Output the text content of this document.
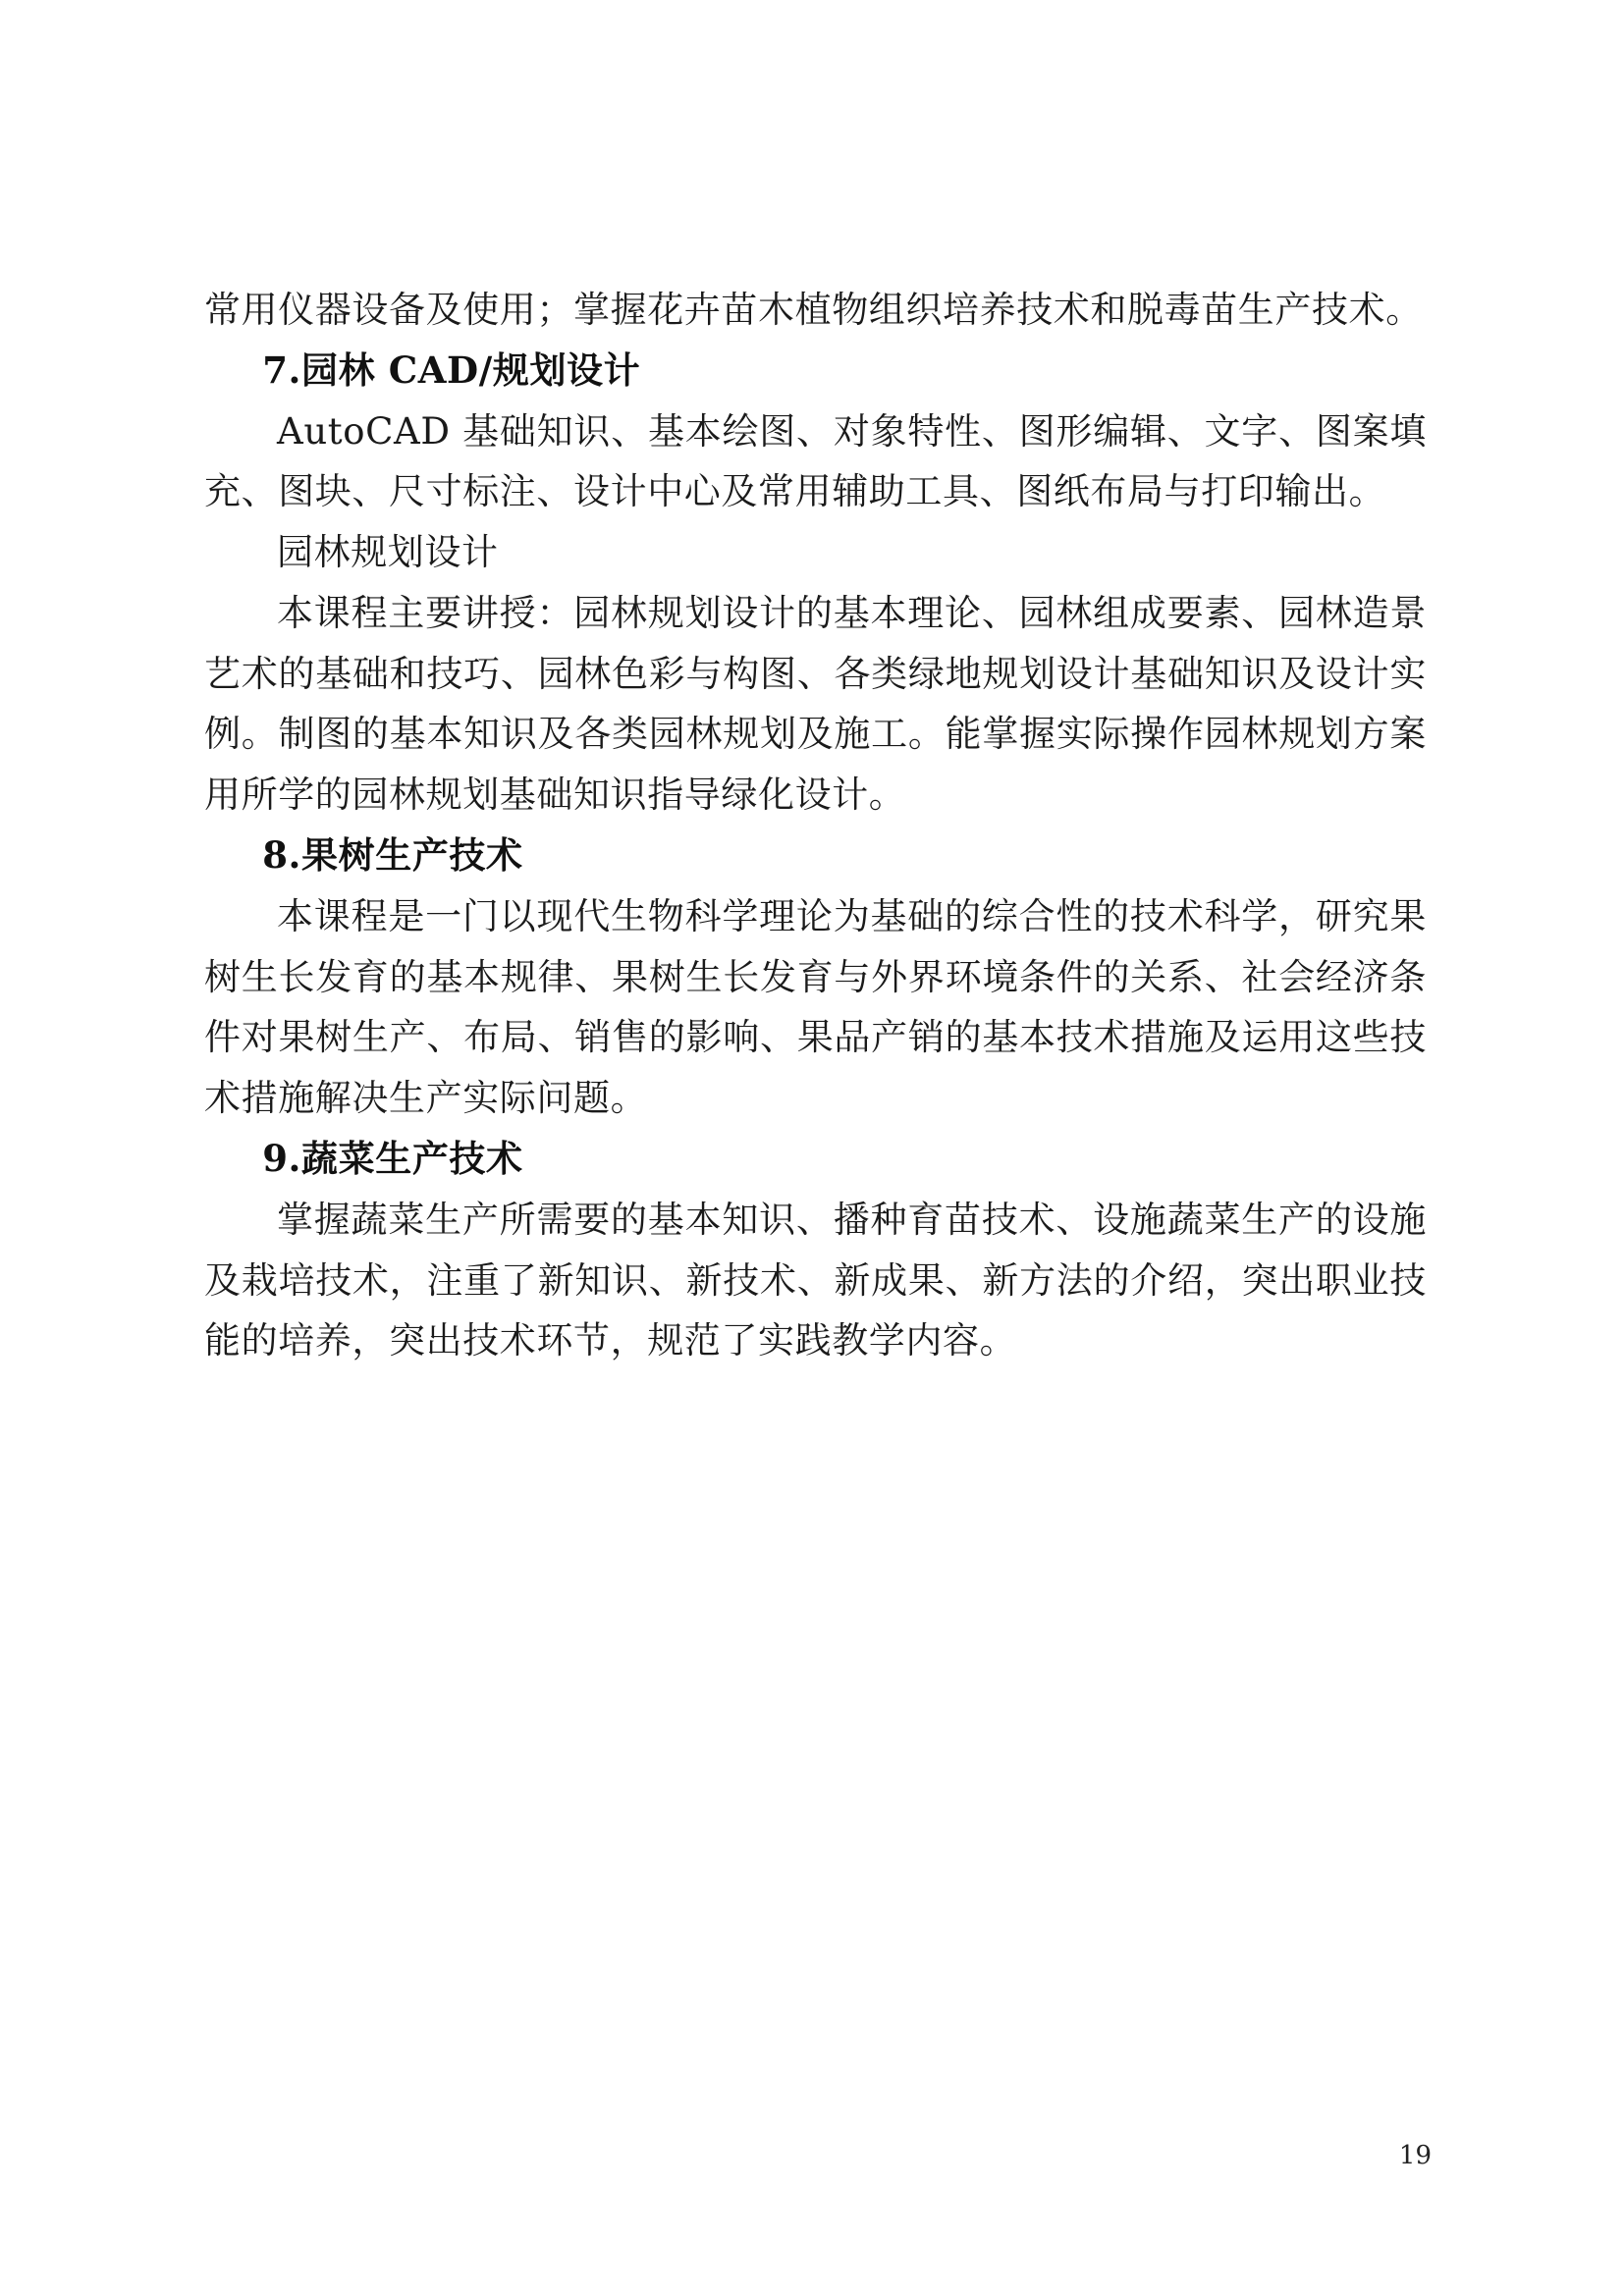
常用仪器设备及使用；掌握花卉苗木植物组织培养技术和脱毒苗生产技术。

7.园林 CAD/规划设计

AutoCAD 基础知识、基本绘图、对象特性、图形编辑、文字、图案填充、图块、尺寸标注、设计中心及常用辅助工具、图纸布局与打印输出。

园林规划设计

本课程主要讲授：园林规划设计的基本理论、园林组成要素、园林造景艺术的基础和技巧、园林色彩与构图、各类绿地规划设计基础知识及设计实例。制图的基本知识及各类园林规划及施工。能掌握实际操作园林规划方案用所学的园林规划基础知识指导绿化设计。

8.果树生产技术

本课程是一门以现代生物科学理论为基础的综合性的技术科学，研究果树生长发育的基本规律、果树生长发育与外界环境条件的关系、社会经济条件对果树生产、布局、销售的影响、果品产销的基本技术措施及运用这些技术措施解决生产实际问题。

9.蔬菜生产技术

掌握蔬菜生产所需要的基本知识、播种育苗技术、设施蔬菜生产的设施及栽培技术，注重了新知识、新技术、新成果、新方法的介绍，突出职业技能的培养，突出技术环节，规范了实践教学内容。

19
